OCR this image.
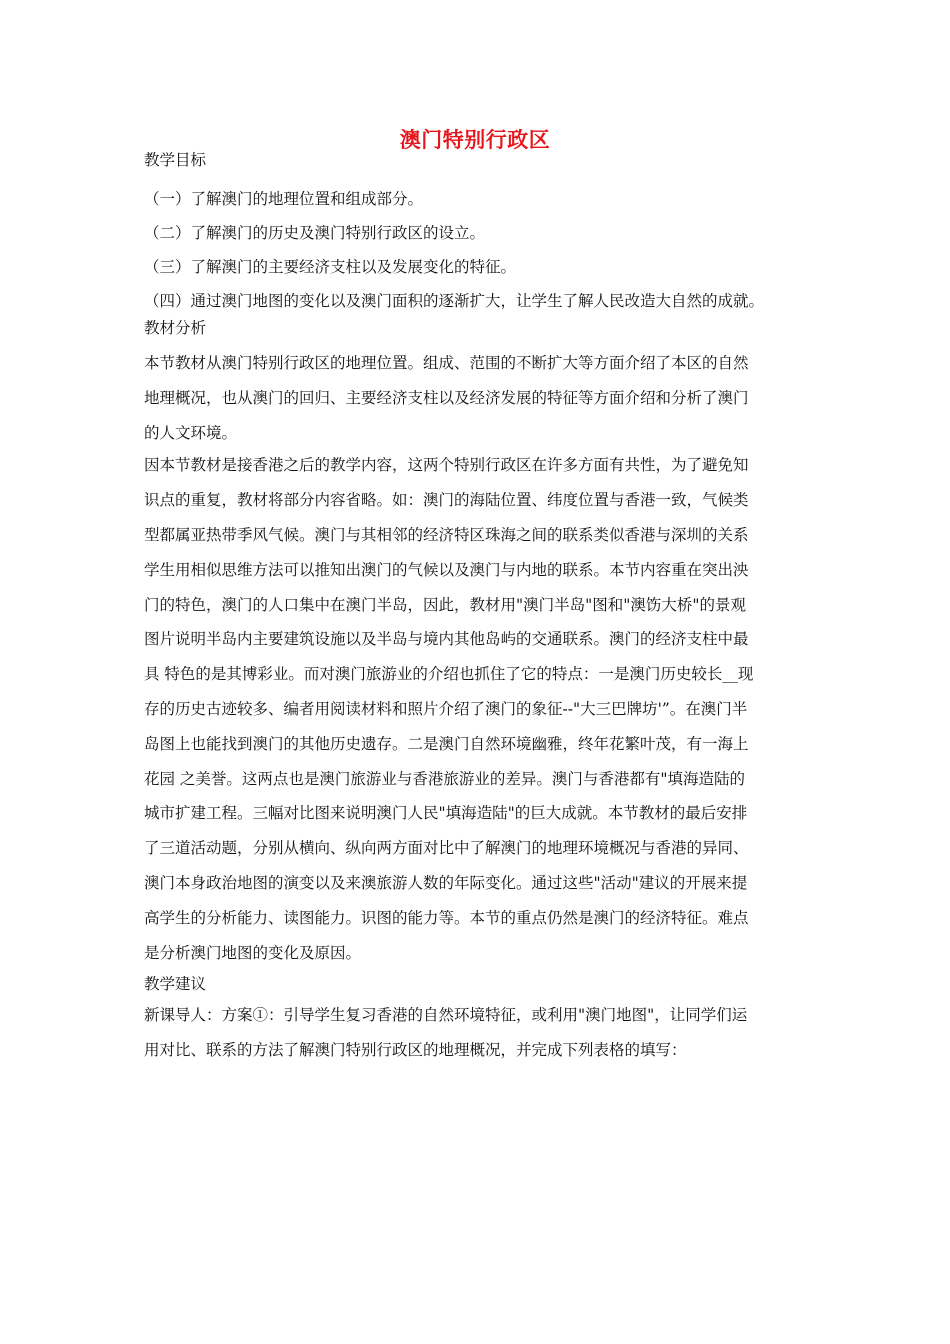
澳门特别行政区
教学目标
（一）了解澳门的地理位置和组成部分。
（二）了解澳门的历史及澳门特别行政区的设立。
（三）了解澳门的主要经济支柱以及发展变化的特征。
（四）通过澳门地图的变化以及澳门面积的逐渐扩大，让学生了解人民改造大自然的成就。
教材分析
本节教材从澳门特别行政区的地理位置。组成、范围的不断扩大等方面介绍了本区的自然
地理概况，也从澳门的回归、主要经济支柱以及经济发展的特征等方面介绍和分析了澳门
的人文环境。
因本节教材是接香港之后的教学内容，这两个特别行政区在许多方面有共性，为了避免知
识点的重复，教材将部分内容省略。如：澳门的海陆位置、纬度位置与香港一致，气候类
型都属亚热带季风气候。澳门与其相邻的经济特区珠海之间的联系类似香港与深圳的关系
学生用相似思维方法可以推知出澳门的气候以及澳门与内地的联系。本节内容重在突出泱
门的特色，澳门的人口集中在澳门半岛，因此，教材用"澳门半岛"图和"澳饬大桥"的景观
图片说明半岛内主要建筑设施以及半岛与境内其他岛屿的交通联系。澳门的经济支柱中最
具 特色的是其博彩业。而对澳门旅游业的介绍也抓住了它的特点：一是澳门历史较长__现
存的历史古迹较多、编者用阅读材料和照片介绍了澳门的象征--"大三巴牌坊'”。在澳门半
岛图上也能找到澳门的其他历史遗存。二是澳门自然环境幽雅，终年花繁叶茂，有一海上
花园 之美誉。这两点也是澳门旅游业与香港旅游业的差异。澳门与香港都有"填海造陆的
城市扩建工程。三幅对比图来说明澳门人民"填海造陆"的巨大成就。本节教材的最后安排
了三道活动题，分别从横向、纵向两方面对比中了解澳门的地理环境概况与香港的异同、
澳门本身政治地图的演变以及来澳旅游人数的年际变化。通过这些"活动"建议的开展来提
高学生的分析能力、读图能力。识图的能力等。本节的重点仍然是澳门的经济特征。难点
是分析澳门地图的变化及原因。
教学建议
新课导人：方案①：引导学生复习香港的自然环境特征，或利用"澳门地图"，让同学们运
用对比、联系的方法了解澳门特别行政区的地理概况，并完成下列表格的填写：
